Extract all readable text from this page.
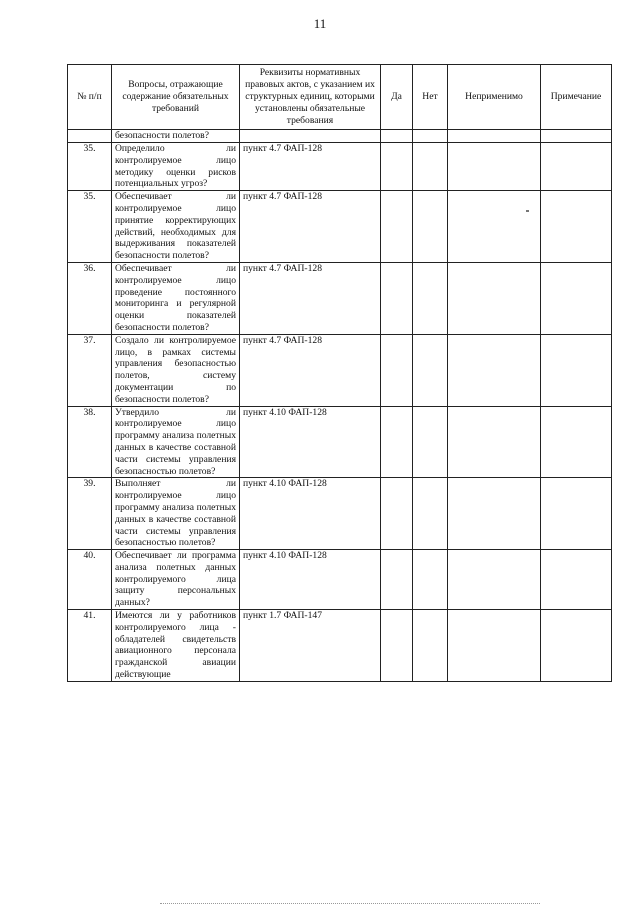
11
№ п/п	Вопросы, отражающие содержание обязательных требований	Реквизиты нормативных правовых актов, с указанием их структурных единиц, которыми установлены обязательные требования	Да	Нет	Неприменимо	Примечание
	безопасности полетов?					
35.	Определило ли контролируемое лицо методику оценки рисков потенциальных угроз?	пункт 4.7 ФАП-128				
35.	Обеспечивает ли контролируемое лицо принятие корректирующих действий, необходимых для выдерживания показателей безопасности полетов?	пункт 4.7 ФАП-128				
36.	Обеспечивает ли контролируемое лицо проведение постоянного мониторинга и регулярной оценки показателей безопасности полетов?	пункт 4.7 ФАП-128				
37.	Создало ли контролируемое лицо, в рамках системы управления безопасностью полетов, систему документации по безопасности полетов?	пункт 4.7 ФАП-128				
38.	Утвердило ли контролируемое лицо программу анализа полетных данных в качестве составной части системы управления безопасностью полетов?	пункт 4.10 ФАП-128				
39.	Выполняет ли контролируемое лицо программу анализа полетных данных в качестве составной части системы управления безопасностью полетов?	пункт 4.10 ФАП-128				
40.	Обеспечивает ли программа анализа полетных данных контролируемого лица защиту персональных данных?	пункт 4.10 ФАП-128				
41.	Имеются ли у работников контролируемого лица - обладателей свидетельств авиационного персонала гражданской авиации действующие	пункт 1.7 ФАП-147				
